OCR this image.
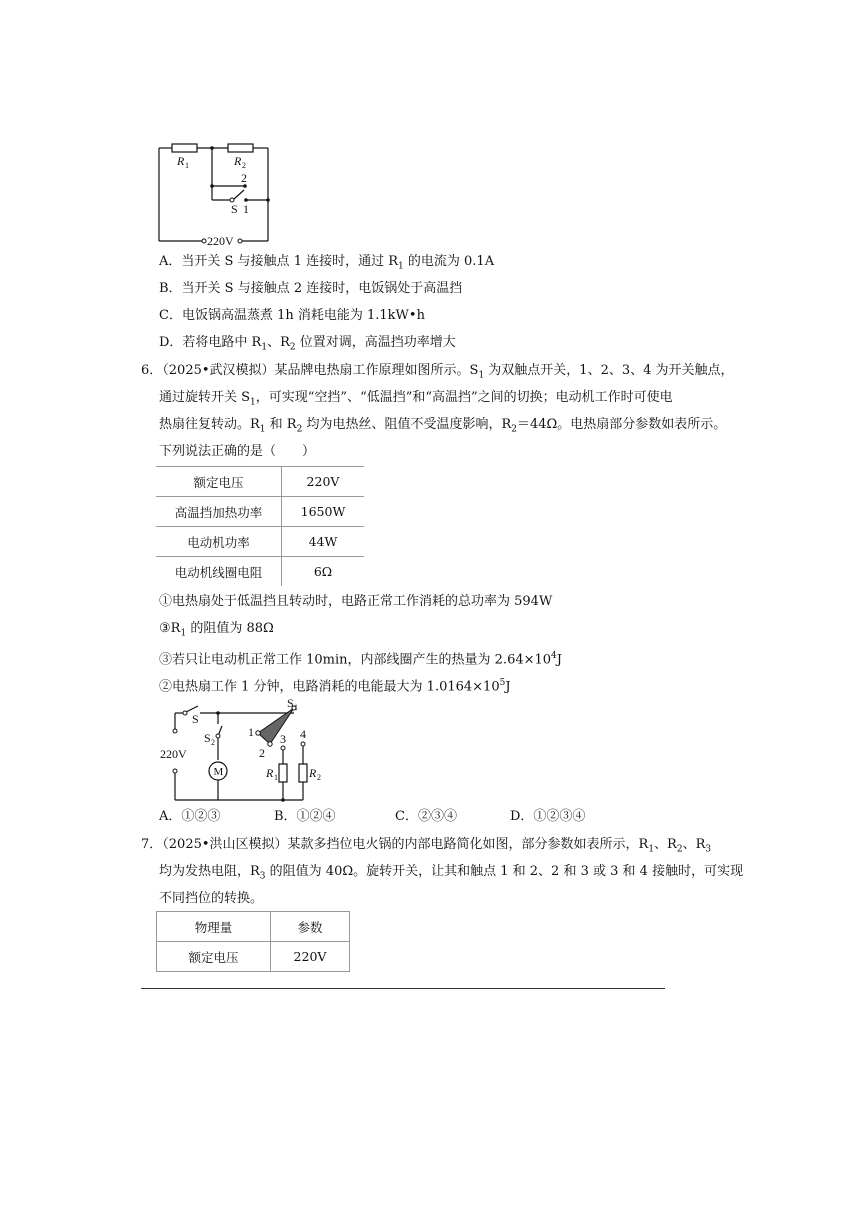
R 1	R 2
2
S 1
220V
A．当开关 S 与接触点 1 连接时，通过 $R_1$ 的电流为 0.1A
B．当开关 S 与接触点 2 连接时，电饭锅处于高温挡
C．电饭锅高温蒸煮 1h 消耗电能为 1.1kW•h
D．若将电路中 $R_1$、$R_2$ 位置对调，高温挡功率增大
6．（2025•武汉模拟）某品牌电热扇工作原理如图所示。$S_1$ 为双触点开关，1、2、3、4 为开关触点，
通过旋转开关 $S_1$，可实现“空挡”、“低温挡”和“高温挡”之间的切换；电动机工作时可使电
热扇往复转动。$R_1$ 和 $R_2$ 均为电热丝、阻值不受温度影响，$R_2=44\Omega$。电热扇部分参数如表所示。
下列说法正确的是（　　）
额定电压	220V
高温挡加热功率	1650W
电动机功率	44W
电动机线圈电阻	6Ω
①电热扇处于低温挡且转动时，电路正常工作消耗的总功率为 594W
$③R_1$ 的阻值为 88Ω
③若只让电动机正常工作 10min，内部线圈产生的热量为 $2.64\times 10^4J$
②电热扇工作 1 分钟，电路消耗的电能最大为 $1.0164\times 10^5J$
S
S 1
S 2
220V
M
1
2
3 4
R 1	R 2
A．①②③	B．①②④	C．②③④	D．①②③④
7．（2025•洪山区模拟）某款多挡位电火锅的内部电路简化如图，部分参数如表所示，$R_1$、$R_2$、$R_3$
均为发热电阻，$R_3$ 的阻值为 40Ω。旋转开关，让其和触点 1 和 2、2 和 3 或 3 和 4 接触时，可实现
不同挡位的转换。
物理量	参数
额定电压	220V
